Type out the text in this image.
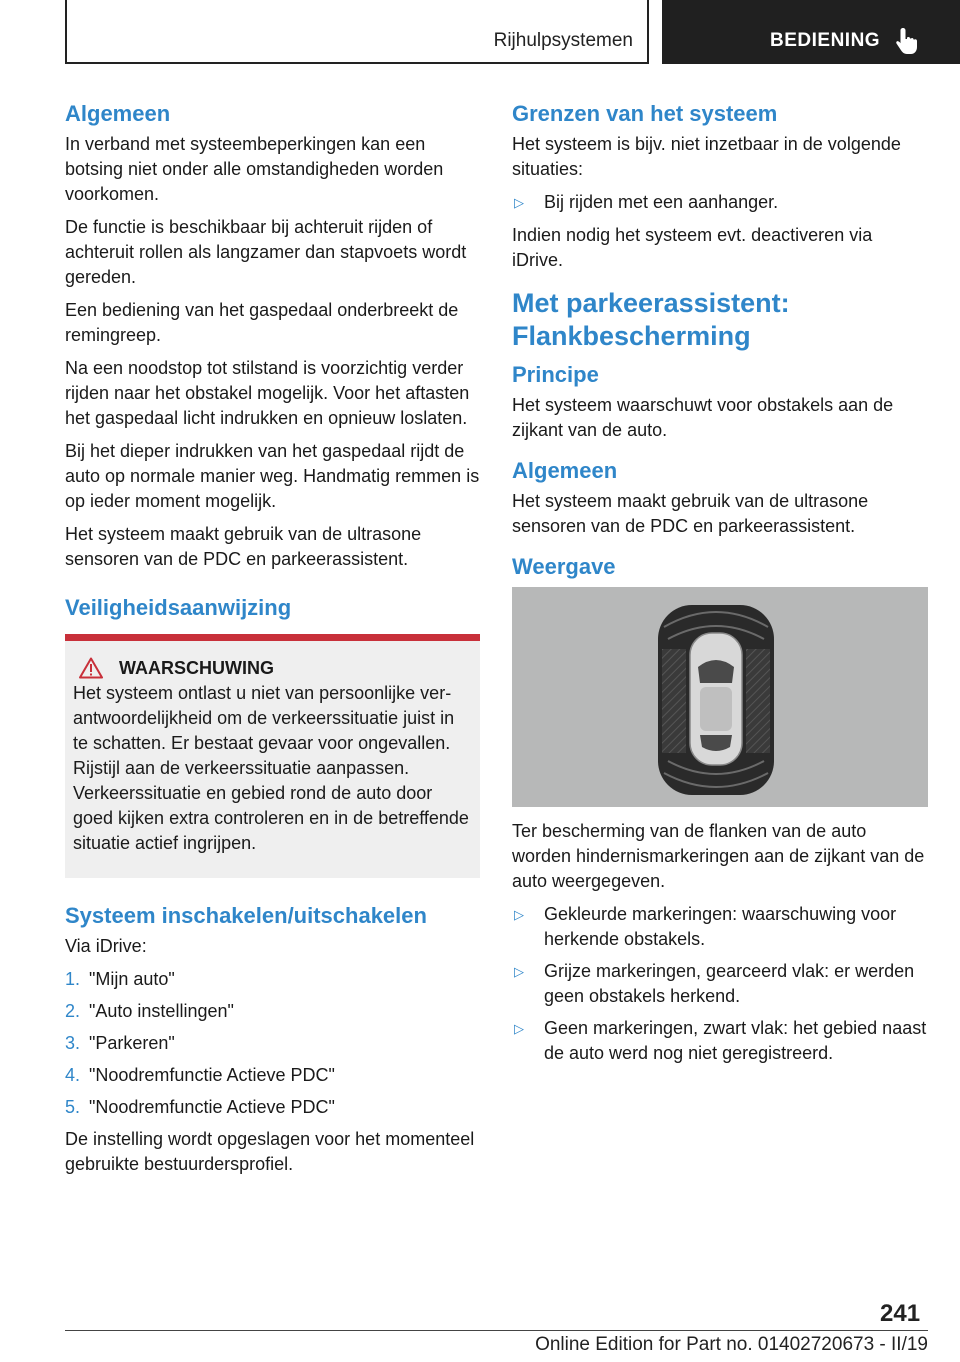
Rijhulpsystemen	BEDIENING
Algemeen

In verband met systeembeperkingen kan een botsing niet onder alle omstandigheden worden voorkomen.

De functie is beschikbaar bij achteruit rijden of achteruit rollen als langzamer dan stapvoets wordt gereden.

Een bediening van het gaspedaal onderbreekt de remingreep.

Na een noodstop tot stilstand is voorzichtig verder rijden naar het obstakel mogelijk. Voor het aftasten het gaspedaal licht indrukken en opnieuw loslaten.

Bij het dieper indrukken van het gaspedaal rijdt de auto op normale manier weg. Handmatig remmen is op ieder moment mogelijk.

Het systeem maakt gebruik van de ultrasone sensoren van de PDC en parkeerassistent.

Veiligheidsaanwijzing
WAARSCHUWING

Het systeem ontlast u niet van persoonlijke verantwoordelijkheid om de verkeerssituatie juist in te schatten. Er bestaat gevaar voor ongevallen. Rijstijl aan de verkeerssituatie aanpassen. Verkeerssituatie en gebied rond de auto door goed kijken extra controleren en in de betreffende situatie actief ingrijpen.

Systeem inschakelen/uitschakelen

Via iDrive:

1. "Mijn auto"
2. "Auto instellingen"
3. "Parkeren"
4. "Noodremfunctie Actieve PDC"
5. "Noodremfunctie Actieve PDC"

De instelling wordt opgeslagen voor het momenteel gebruikte bestuurdersprofiel.

Grenzen van het systeem

Het systeem is bijv. niet inzetbaar in de volgende situaties:

▷	Bij rijden met een aanhanger.

Indien nodig het systeem evt. deactiveren via iDrive.

Met parkeerassistent: Flankbescherming
Principe

Het systeem waarschuwt voor obstakels aan de zijkant van de auto.

Algemeen

Het systeem maakt gebruik van de ultrasone sensoren van de PDC en parkeerassistent.

Weergave

Ter bescherming van de flanken van de auto worden hindernismarkeringen aan de zijkant van de auto weergegeven.

▷	Gekleurde markeringen: waarschuwing voor herkende obstakels.
▷	Grijze markeringen, gearceerd vlak: er werden geen obstakels herkend.
▷	Geen markeringen, zwart vlak: het gebied naast de auto werd nog niet geregistreerd.
241
Online Edition for Part no. 01402720673 - II/19
